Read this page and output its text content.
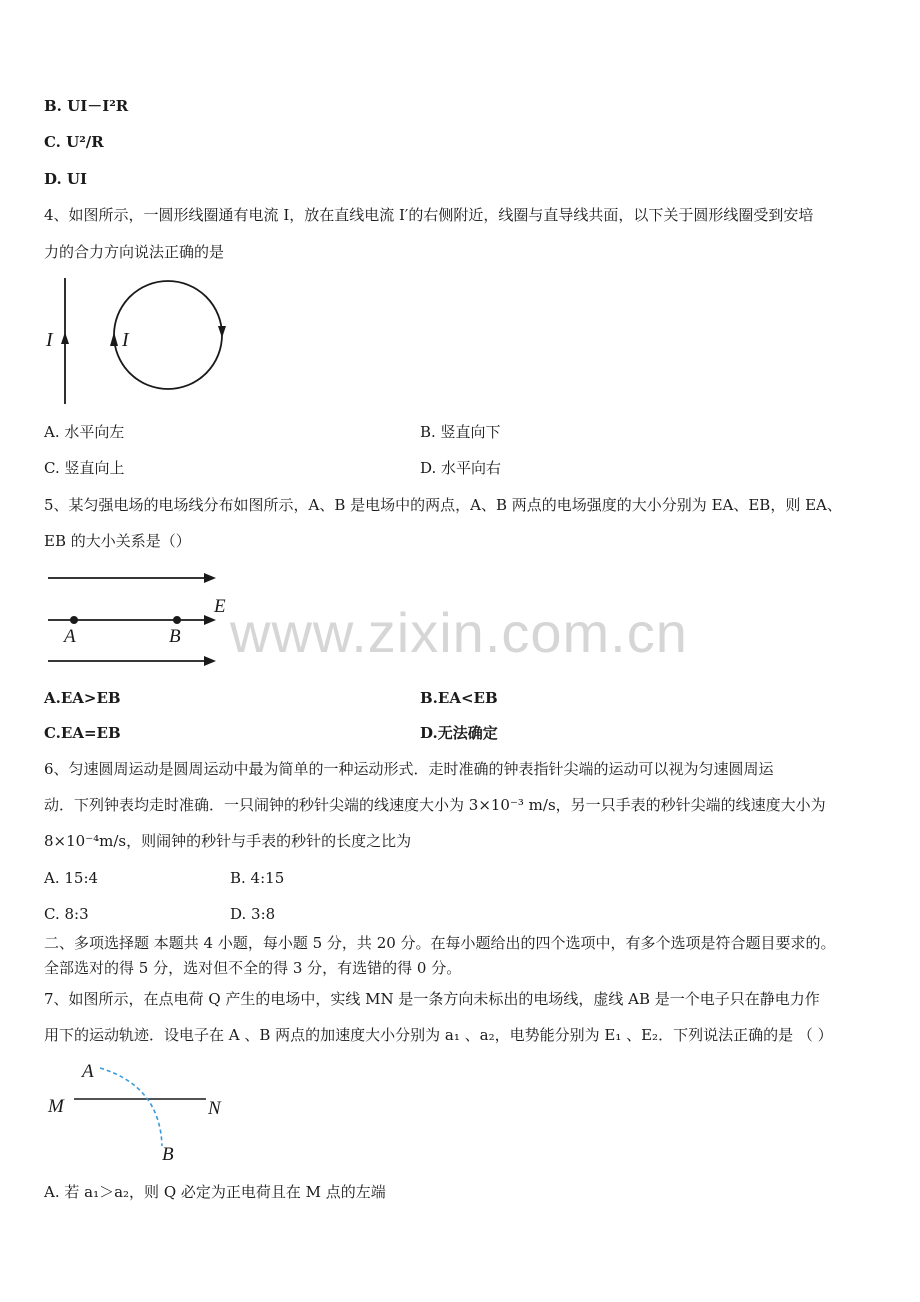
B. UI－I²R
C. U²/R
D. UI
4、如图所示，一圆形线圈通有电流 I，放在直线电流 I′的右侧附近，线圈与直导线共面，以下关于圆形线圈受到安培
力的合力方向说法正确的是
I	I
A. 水平向左	B. 竖直向下
C. 竖直向上	D. 水平向右
5、某匀强电场的电场线分布如图所示，A、B 是电场中的两点，A、B 两点的电场强度的大小分别为 EA、EB，则 EA、
EB 的大小关系是（）
A	B
E www.zixin.com.cn
A.EA>EB	B.EA<EB
C.EA=EB	D.无法确定
6、匀速圆周运动是圆周运动中最为简单的一种运动形式．走时准确的钟表指针尖端的运动可以视为匀速圆周运
动．下列钟表均走时准确．一只闹钟的秒针尖端的线速度大小为 3×10⁻³ m/s，另一只手表的秒针尖端的线速度大小为
8×10⁻⁴m/s，则闹钟的秒针与手表的秒针的长度之比为
A. 15:4	B. 4:15
C. 8:3	D. 3:8
二、多项选择题 本题共 4 小题，每小题 5 分，共 20 分。在每小题给出的四个选项中，有多个选项是符合题目要求的。
全部选对的得 5 分，选对但不全的得 3 分，有选错的得 0 分。
7、如图所示，在点电荷 Q 产生的电场中，实线 MN 是一条方向未标出的电场线，虚线 AB 是一个电子只在静电力作
用下的运动轨迹．设电子在 A 、B 两点的加速度大小分别为 a₁ 、a₂，电势能分别为 E₁ 、E₂．下列说法正确的是 （ ）
M	N
A
B
A. 若 a₁＞a₂，则 Q 必定为正电荷且在 M 点的左端
